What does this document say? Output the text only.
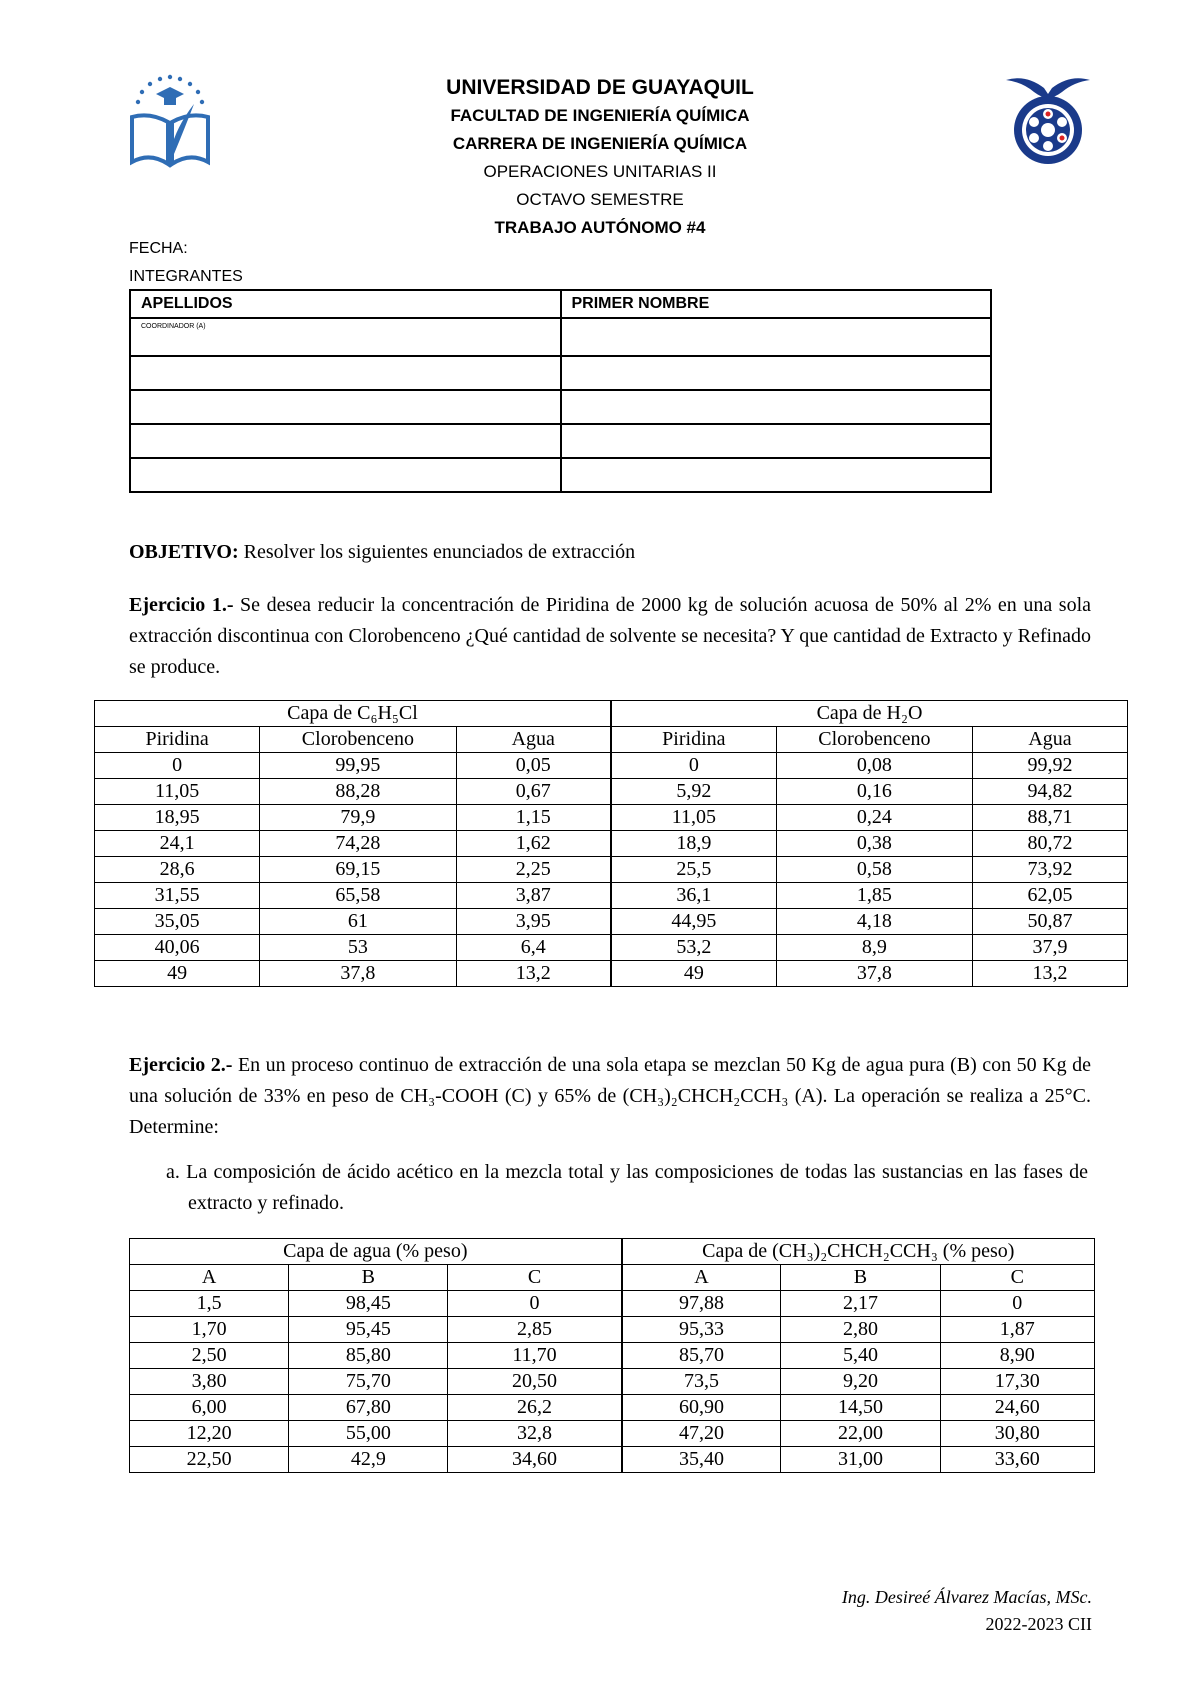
UNIVERSIDAD DE GUAYAQUIL
FACULTAD DE INGENIERÍA QUÍMICA
CARRERA DE INGENIERÍA QUÍMICA
OPERACIONES UNITARIAS II
OCTAVO SEMESTRE
TRABAJO AUTÓNOMO #4
FECHA:
INTEGRANTES
APELLIDOS	PRIMER NOMBRE
COORDINADOR (A)	

OBJETIVO: Resolver los siguientes enunciados de extracción
Ejercicio 1.- Se desea reducir la concentración de Piridina de 2000 kg de solución acuosa de 50% al 2% en una sola extracción discontinua con Clorobenceno ¿Qué cantidad de solvente se necesita? Y que cantidad de Extracto y Refinado se produce.
Capa de C₆H₅Cl			Capa de H₂O		
Piridina	Clorobenceno	Agua	Piridina	Clorobenceno	Agua
0	99,95	0,05	0	0,08	99,92
11,05	88,28	0,67	5,92	0,16	94,82
18,95	79,9	1,15	11,05	0,24	88,71
24,1	74,28	1,62	18,9	0,38	80,72
28,6	69,15	2,25	25,5	0,58	73,92
31,55	65,58	3,87	36,1	1,85	62,05
35,05	61	3,95	44,95	4,18	50,87
40,06	53	6,4	53,2	8,9	37,9
49	37,8	13,2	49	37,8	13,2
Ejercicio 2.- En un proceso continuo de extracción de una sola etapa se mezclan 50 Kg de agua pura (B) con 50 Kg de una solución de 33% en peso de CH₃-COOH (C) y 65% de (CH₃)₂CHCH₂CCH₃ (A). La operación se realiza a 25°C. Determine:
a. La composición de ácido acético en la mezcla total y las composiciones de todas las sustancias en las fases de extracto y refinado.
Capa de agua (% peso)			Capa de (CH₃)₂CHCH₂CCH₃ (% peso)		
A	B	C	A	B	C
1,5	98,45	0	97,88	2,17	0
1,70	95,45	2,85	95,33	2,80	1,87
2,50	85,80	11,70	85,70	5,40	8,90
3,80	75,70	20,50	73,5	9,20	17,30
6,00	67,80	26,2	60,90	14,50	24,60
12,20	55,00	32,8	47,20	22,00	30,80
22,50	42,9	34,60	35,40	31,00	33,60
Ing. Desireé Álvarez Macías, MSc.
2022-2023 CII
